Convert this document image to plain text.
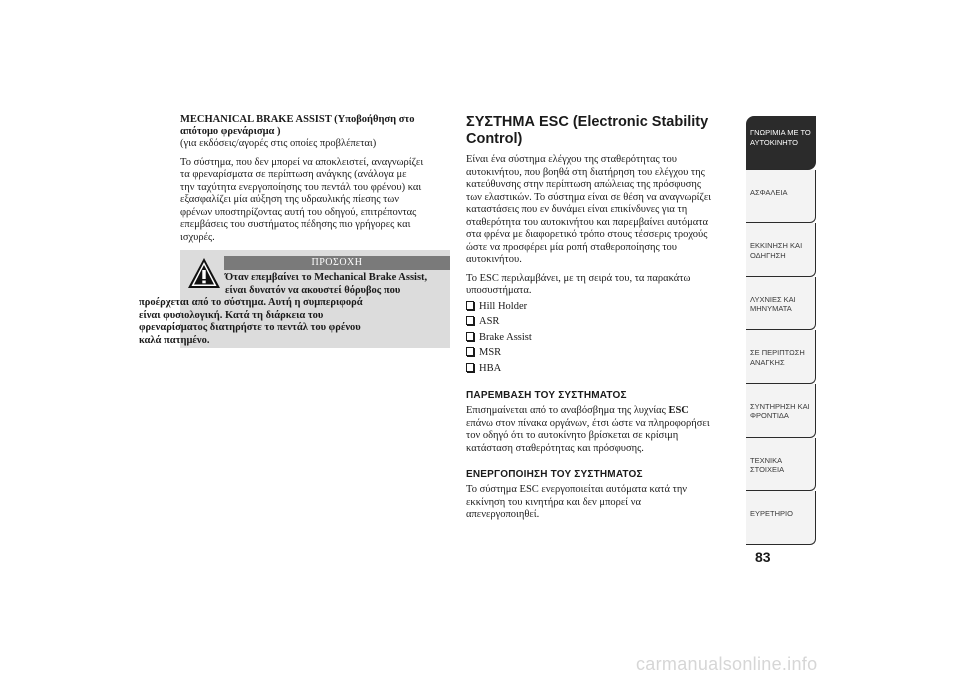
MECHANICAL BRAKE ASSIST (Υποβοήθηση στο
απότομο φρενάρισμα )

(για εκδόσεις/αγορές στις οποίες προβλέπεται)

Το σύστημα, που δεν μπορεί να αποκλειστεί, αναγνωρίζει
τα φρεναρίσματα σε περίπτωση ανάγκης (ανάλογα με
την ταχύτητα ενεργοποίησης του πεντάλ του φρένου) και
εξασφαλίζει μία αύξηση της υδραυλικής πίεσης των
φρένων υποστηρίζοντας αυτή του οδηγού, επιτρέποντας
επεμβάσεις του συστήματος πέδησης πιο γρήγορες και
ισχυρές.

ΠΡΟΣΟΧΗ

Όταν επεμβαίνει το Mechanical Brake Assist,
είναι δυνατόν να ακουστεί θόρυβος που
προέρχεται από το σύστημα. Αυτή η συμπεριφορά
είναι φυσιολογική. Κατά τη διάρκεια του
φρεναρίσματος διατηρήστε το πεντάλ του φρένου
καλά πατημένο.

ΣΥΣΤΗΜΑ ESC (Electronic Stability
Control)

Είναι ένα σύστημα ελέγχου της σταθερότητας του
αυτοκινήτου, που βοηθά στη διατήρηση του ελέγχου της
κατεύθυνσης στην περίπτωση απώλειας της πρόσφυσης
των ελαστικών. Το σύστημα είναι σε θέση να αναγνωρίζει
καταστάσεις που εν δυνάμει είναι επικίνδυνες για τη
σταθερότητα του αυτοκινήτου και παρεμβαίνει αυτόματα
στα φρένα με διαφορετικό τρόπο στους τέσσερις τροχούς
ώστε να προσφέρει μία ροπή σταθεροποίησης του
αυτοκινήτου.

Το ESC περιλαμβάνει, με τη σειρά του, τα παρακάτω
υποσυστήματα.

Hill Holder
ASR
Brake Assist
MSR
HBA

ΠΑΡΕΜΒΑΣΗ ΤΟΥ ΣΥΣΤΗΜΑΤΟΣ

Επισημαίνεται από το αναβόσβημα της λυχνίας ESC
επάνω στον πίνακα οργάνων, έτσι ώστε να πληροφορήσει
τον οδηγό ότι το αυτοκίνητο βρίσκεται σε κρίσιμη
κατάσταση σταθερότητας και πρόσφυσης.

ΕΝΕΡΓΟΠΟΙΗΣΗ ΤΟΥ ΣΥΣΤΗΜΑΤΟΣ

Το σύστημα ESC ενεργοποιείται αυτόματα κατά την
εκκίνηση του κινητήρα και δεν μπορεί να
απενεργοποιηθεί.

ΓΝΩΡΙΜΙΑ ΜΕ ΤΟ
ΑΥΤΟΚΙΝΗΤΟ
ΑΣΦΑΛΕΙΑ
ΕΚΚΙΝΗΣΗ ΚΑΙ
ΟΔΗΓΗΣΗ
ΛΥΧΝΙΕΣ ΚΑΙ
ΜΗΝΥΜΑΤΑ
ΣΕ ΠΕΡΙΠΤΩΣΗ
ΑΝΑΓΚΗΣ
ΣΥΝΤΗΡΗΣΗ ΚΑΙ
ΦΡΟΝΤΙΔΑ
ΤΕΧΝΙΚΑ ΣΤΟΙΧΕΙΑ
ΕΥΡΕΤΗΡΙΟ
83
carmanualsonline.info
